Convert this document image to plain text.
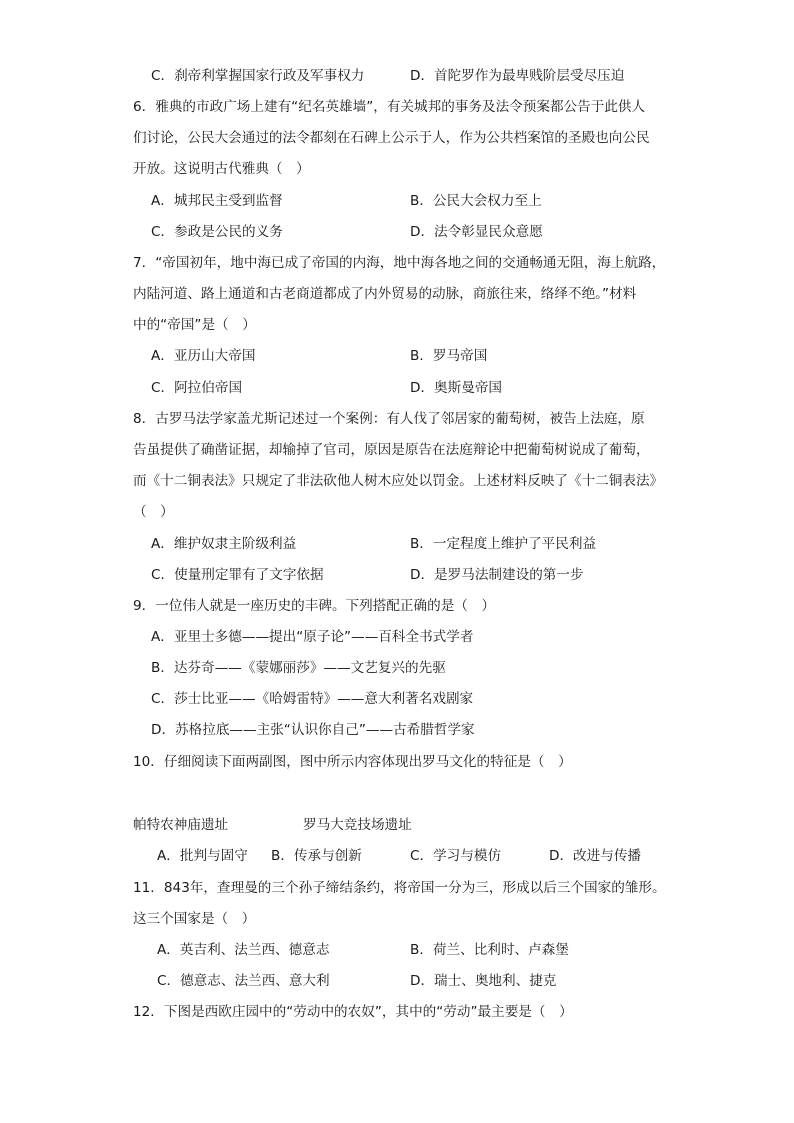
C．刹帝利掌握国家行政及军事权力	D．首陀罗作为最卑贱阶层受尽压迫
6．雅典的市政广场上建有“纪名英雄墙”，有关城邦的事务及法令预案都公告于此供人
们讨论，公民大会通过的法令都刻在石碑上公示于人，作为公共档案馆的圣殿也向公民
开放。这说明古代雅典（　）
A．城邦民主受到监督	B．公民大会权力至上
C．参政是公民的义务	D．法令彰显民众意愿
7．“帝国初年，地中海已成了帝国的内海，地中海各地之间的交通畅通无阻，海上航路，
内陆河道、路上通道和古老商道都成了内外贸易的动脉，商旅往来，络绎不绝。”材料
中的“帝国”是（　）
A．亚历山大帝国	B．罗马帝国
C．阿拉伯帝国	D．奥斯曼帝国
8．古罗马法学家盖尤斯记述过一个案例：有人伐了邻居家的葡萄树，被告上法庭，原
告虽提供了确凿证据，却输掉了官司，原因是原告在法庭辩论中把葡萄树说成了葡萄，
而《十二铜表法》只规定了非法砍他人树木应处以罚金。上述材料反映了《十二铜表法》
（　）
A．维护奴隶主阶级利益	B．一定程度上维护了平民利益
C．使量刑定罪有了文字依据	D．是罗马法制建设的第一步
9．一位伟人就是一座历史的丰碑。下列搭配正确的是（　）
A．亚里士多德——提出“原子论”——百科全书式学者
B．达芬奇——《蒙娜丽莎》——文艺复兴的先驱
C．莎士比亚——《哈姆雷特》——意大利著名戏剧家
D．苏格拉底——主张“认识你自己”——古希腊哲学家
10．仔细阅读下面两副图，图中所示内容体现出罗马文化的特征是（　）
帕特农神庙遗址	罗马大竞技场遗址
A．批判与固守 B．传承与创新	C．学习与模仿	D．改进与传播
11．843年，查理曼的三个孙子缔结条约，将帝国一分为三，形成以后三个国家的雏形。
这三个国家是（　）
A．英吉利、法兰西、德意志	B．荷兰、比利时、卢森堡
C．德意志、法兰西、意大利	D．瑞士、奥地利、捷克
12．下图是西欧庄园中的“劳动中的农奴”，其中的“劳动”最主要是（　）
